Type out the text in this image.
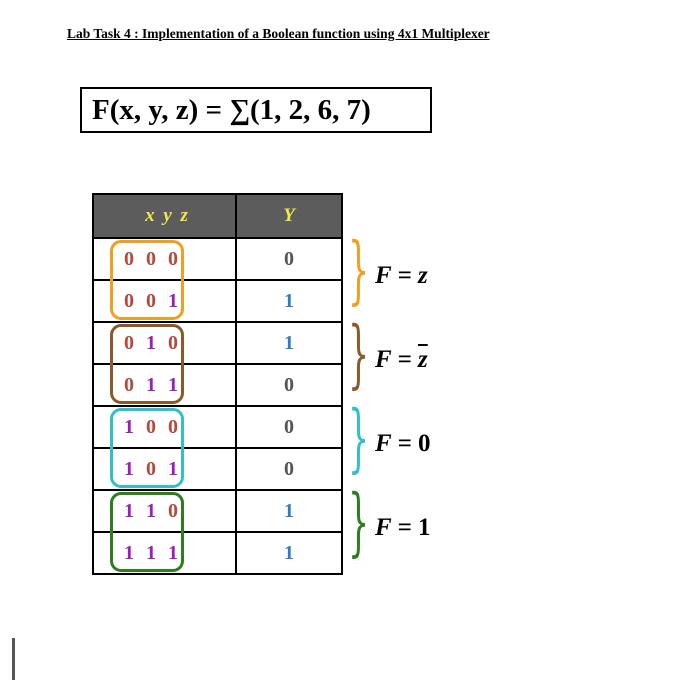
Lab Task 4 : Implementation of a Boolean function using 4x1 Multiplexer
F(x, y, z) = ∑(1, 2, 6, 7)
x y z	Y
0 0 0	0
0 0 1	1
0 1 0	1
0 1 1	0
1 0 0	0
1 0 1	0
1 1 0	1
1 1 1	1
} F = z
} $F = \overline{z}$
} F = 0
} F = 1
